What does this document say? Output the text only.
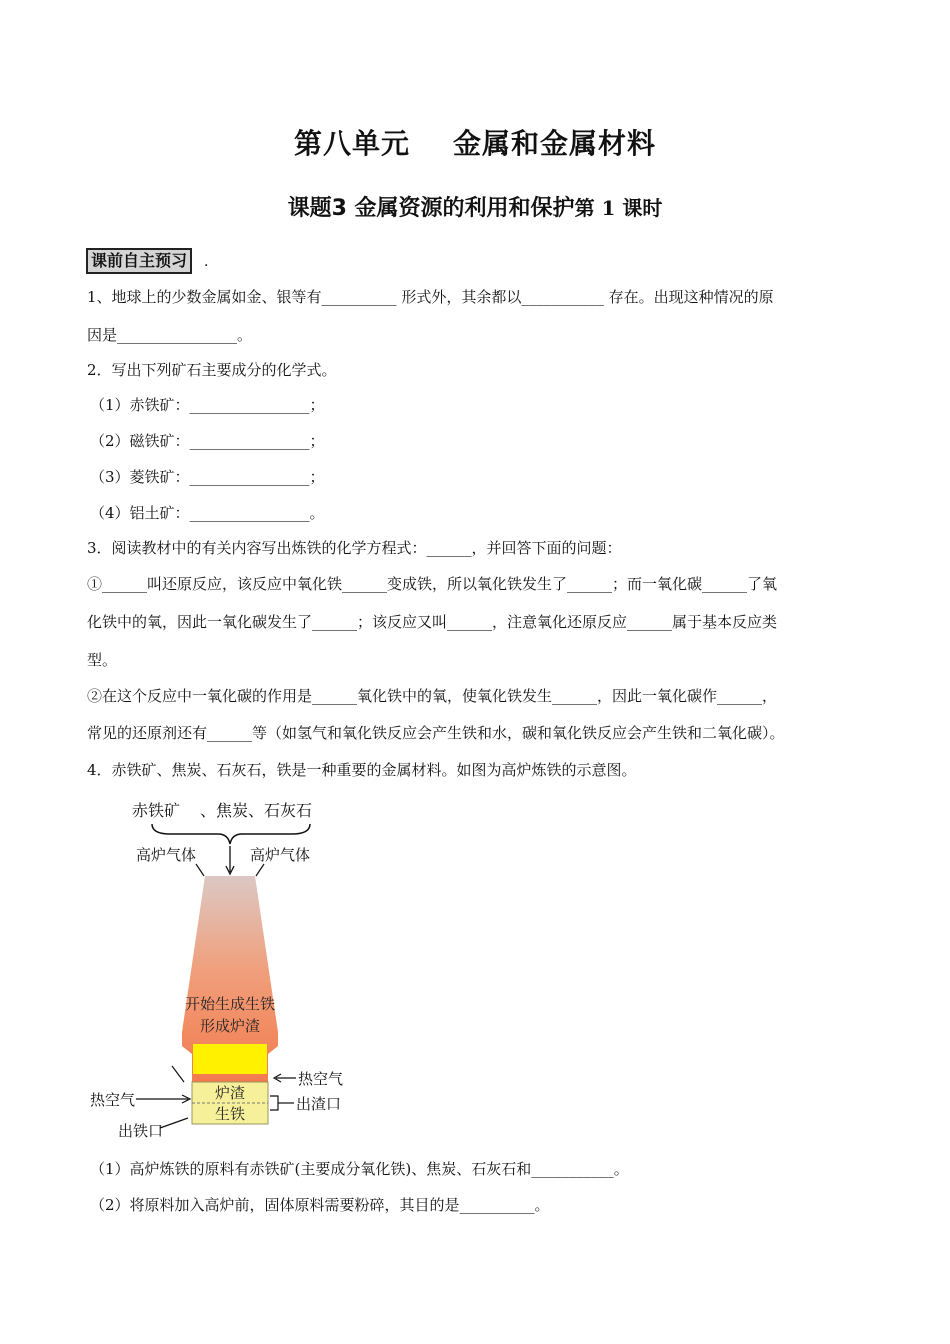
第八单元    金属和金属材料
课题3 金属资源的利用和保护第 1 课时
课前自主预习	.
1、地球上的少数金属如金、银等有__________ 形式外，其余都以___________ 存在。出现这种情况的原
因是________________。
2．写出下列矿石主要成分的化学式。
（1）赤铁矿：________________；
（2）磁铁矿：________________；
（3）菱铁矿：________________；
（4）铝土矿：________________。
3．阅读教材中的有关内容写出炼铁的化学方程式：______，并回答下面的问题：
①______叫还原反应，该反应中氧化铁______变成铁，所以氧化铁发生了______；而一氧化碳______了氧
化铁中的氧，因此一氧化碳发生了______；该反应又叫______，注意氧化还原反应______属于基本反应类
型。
②在这个反应中一氧化碳的作用是______氧化铁中的氧，使氧化铁发生______，因此一氧化碳作______，
常见的还原剂还有______等（如氢气和氧化铁反应会产生铁和水，碳和氧化铁反应会产生铁和二氧化碳）。
4．赤铁矿、焦炭、石灰石，铁是一种重要的金属材料。如图为高炉炼铁的示意图。
赤铁矿 、焦炭、石灰石
高炉气体	高炉气体
开始生成生铁
形成炉渣
炉渣
生铁
热空气
热空气
出渣口
出铁口
（1）高炉炼铁的原料有赤铁矿(主要成分氧化铁)、焦炭、石灰石和___________。
（2）将原料加入高炉前，固体原料需要粉碎，其目的是__________。
